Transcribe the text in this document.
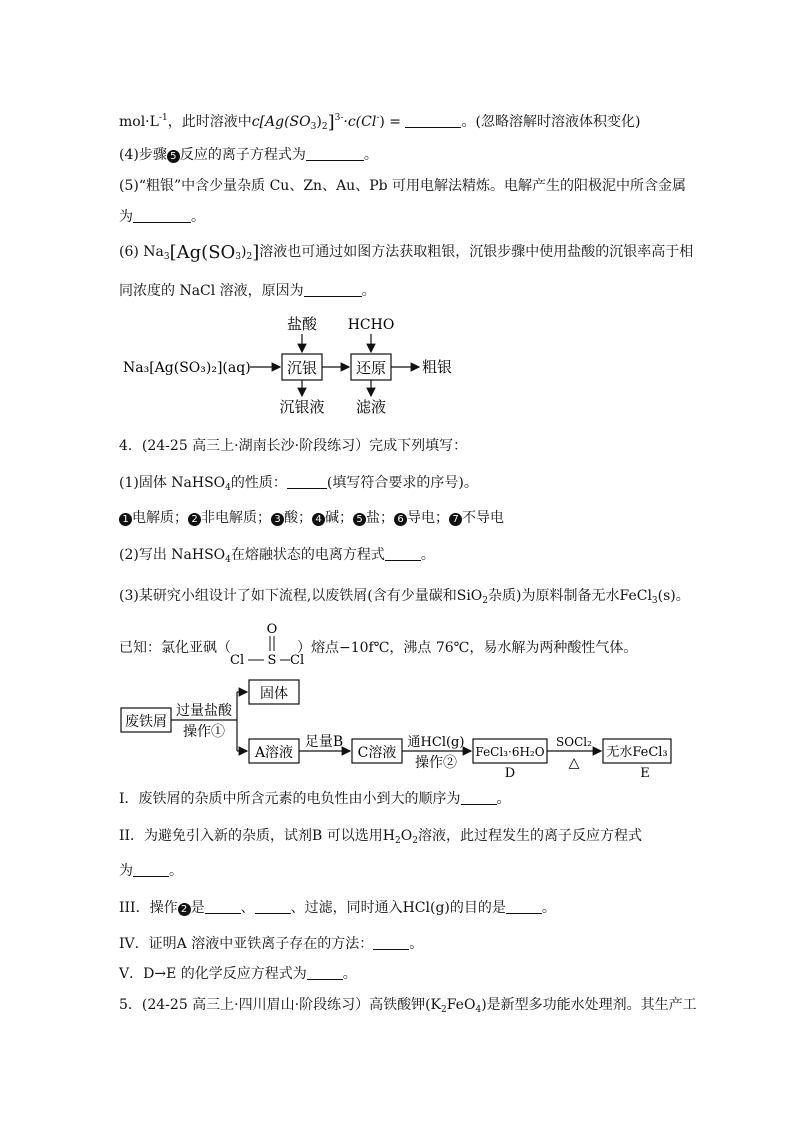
$mol\cdot L^{-1}$，此时溶液中$c[Ag(SO_3)_2]^{3-}\cdot c(Cl^-)$ =	。(忽略溶解时溶液体积变化)
(4)步骤 5 反应的离子方程式为	。
(5)“粗银”中含少量杂质 Cu、Zn、Au、Pb 可用电解法精炼。电解产生的阳极泥中所含金属
为	。
(6) $Na_3[Ag(SO_3)_2]$溶液也可通过如图方法获取粗银，沉银步骤中使用盐酸的沉银率高于相
同浓度的 NaCl 溶液，原因为	。
Na₃[Ag(SO₃)₂](aq) 沉银	还原 粗银
盐酸 HCHO
沉银液 滤液
4．(24-25 高三上·湖南长沙·阶段练习）完成下列填写：
(1)固体 NaHSO$_4$的性质：	(填写符合要求的序号)。
1 电解质； 2 非电解质； 3 酸； 4 碱； 5 盐； 6 导电； 7 不导电
(2)写出 NaHSO$_4$在熔融状态的电离方程式	。
(3)某研究小组设计了如下流程,以废铁屑(含有少量碳和SiO$_2$杂质)为原料制备无水FeCl$_3$(s)。
已知：氯化亚砜（	）熔点−10f℃，沸点 76℃，易水解为两种酸性气体。
O
S
Cl	Cl
废铁屑
过量盐酸
操作①
固体
A溶液
足量B
C溶液
通HCl(g)
操作②
FeCl₃·6H₂O
D
SOCl₂
△
无水FeCl₃
E
I．废铁屑的杂质中所含元素的电负性由小到大的顺序为	。
II．为避免引入新的杂质，试剂B 可以选用$H_2O_2$溶液，此过程发生的离子反应方程式
为	。
III．操作 2 是	、	、过滤，同时通入HCl(g)的目的是	。
IV．证明A 溶液中亚铁离子存在的方法：	。
V．D→E 的化学反应方程式为	。
5．(24-25 高三上·四川眉山·阶段练习）高铁酸钾$(K_2FeO_4)$是新型多功能水处理剂。其生产工
